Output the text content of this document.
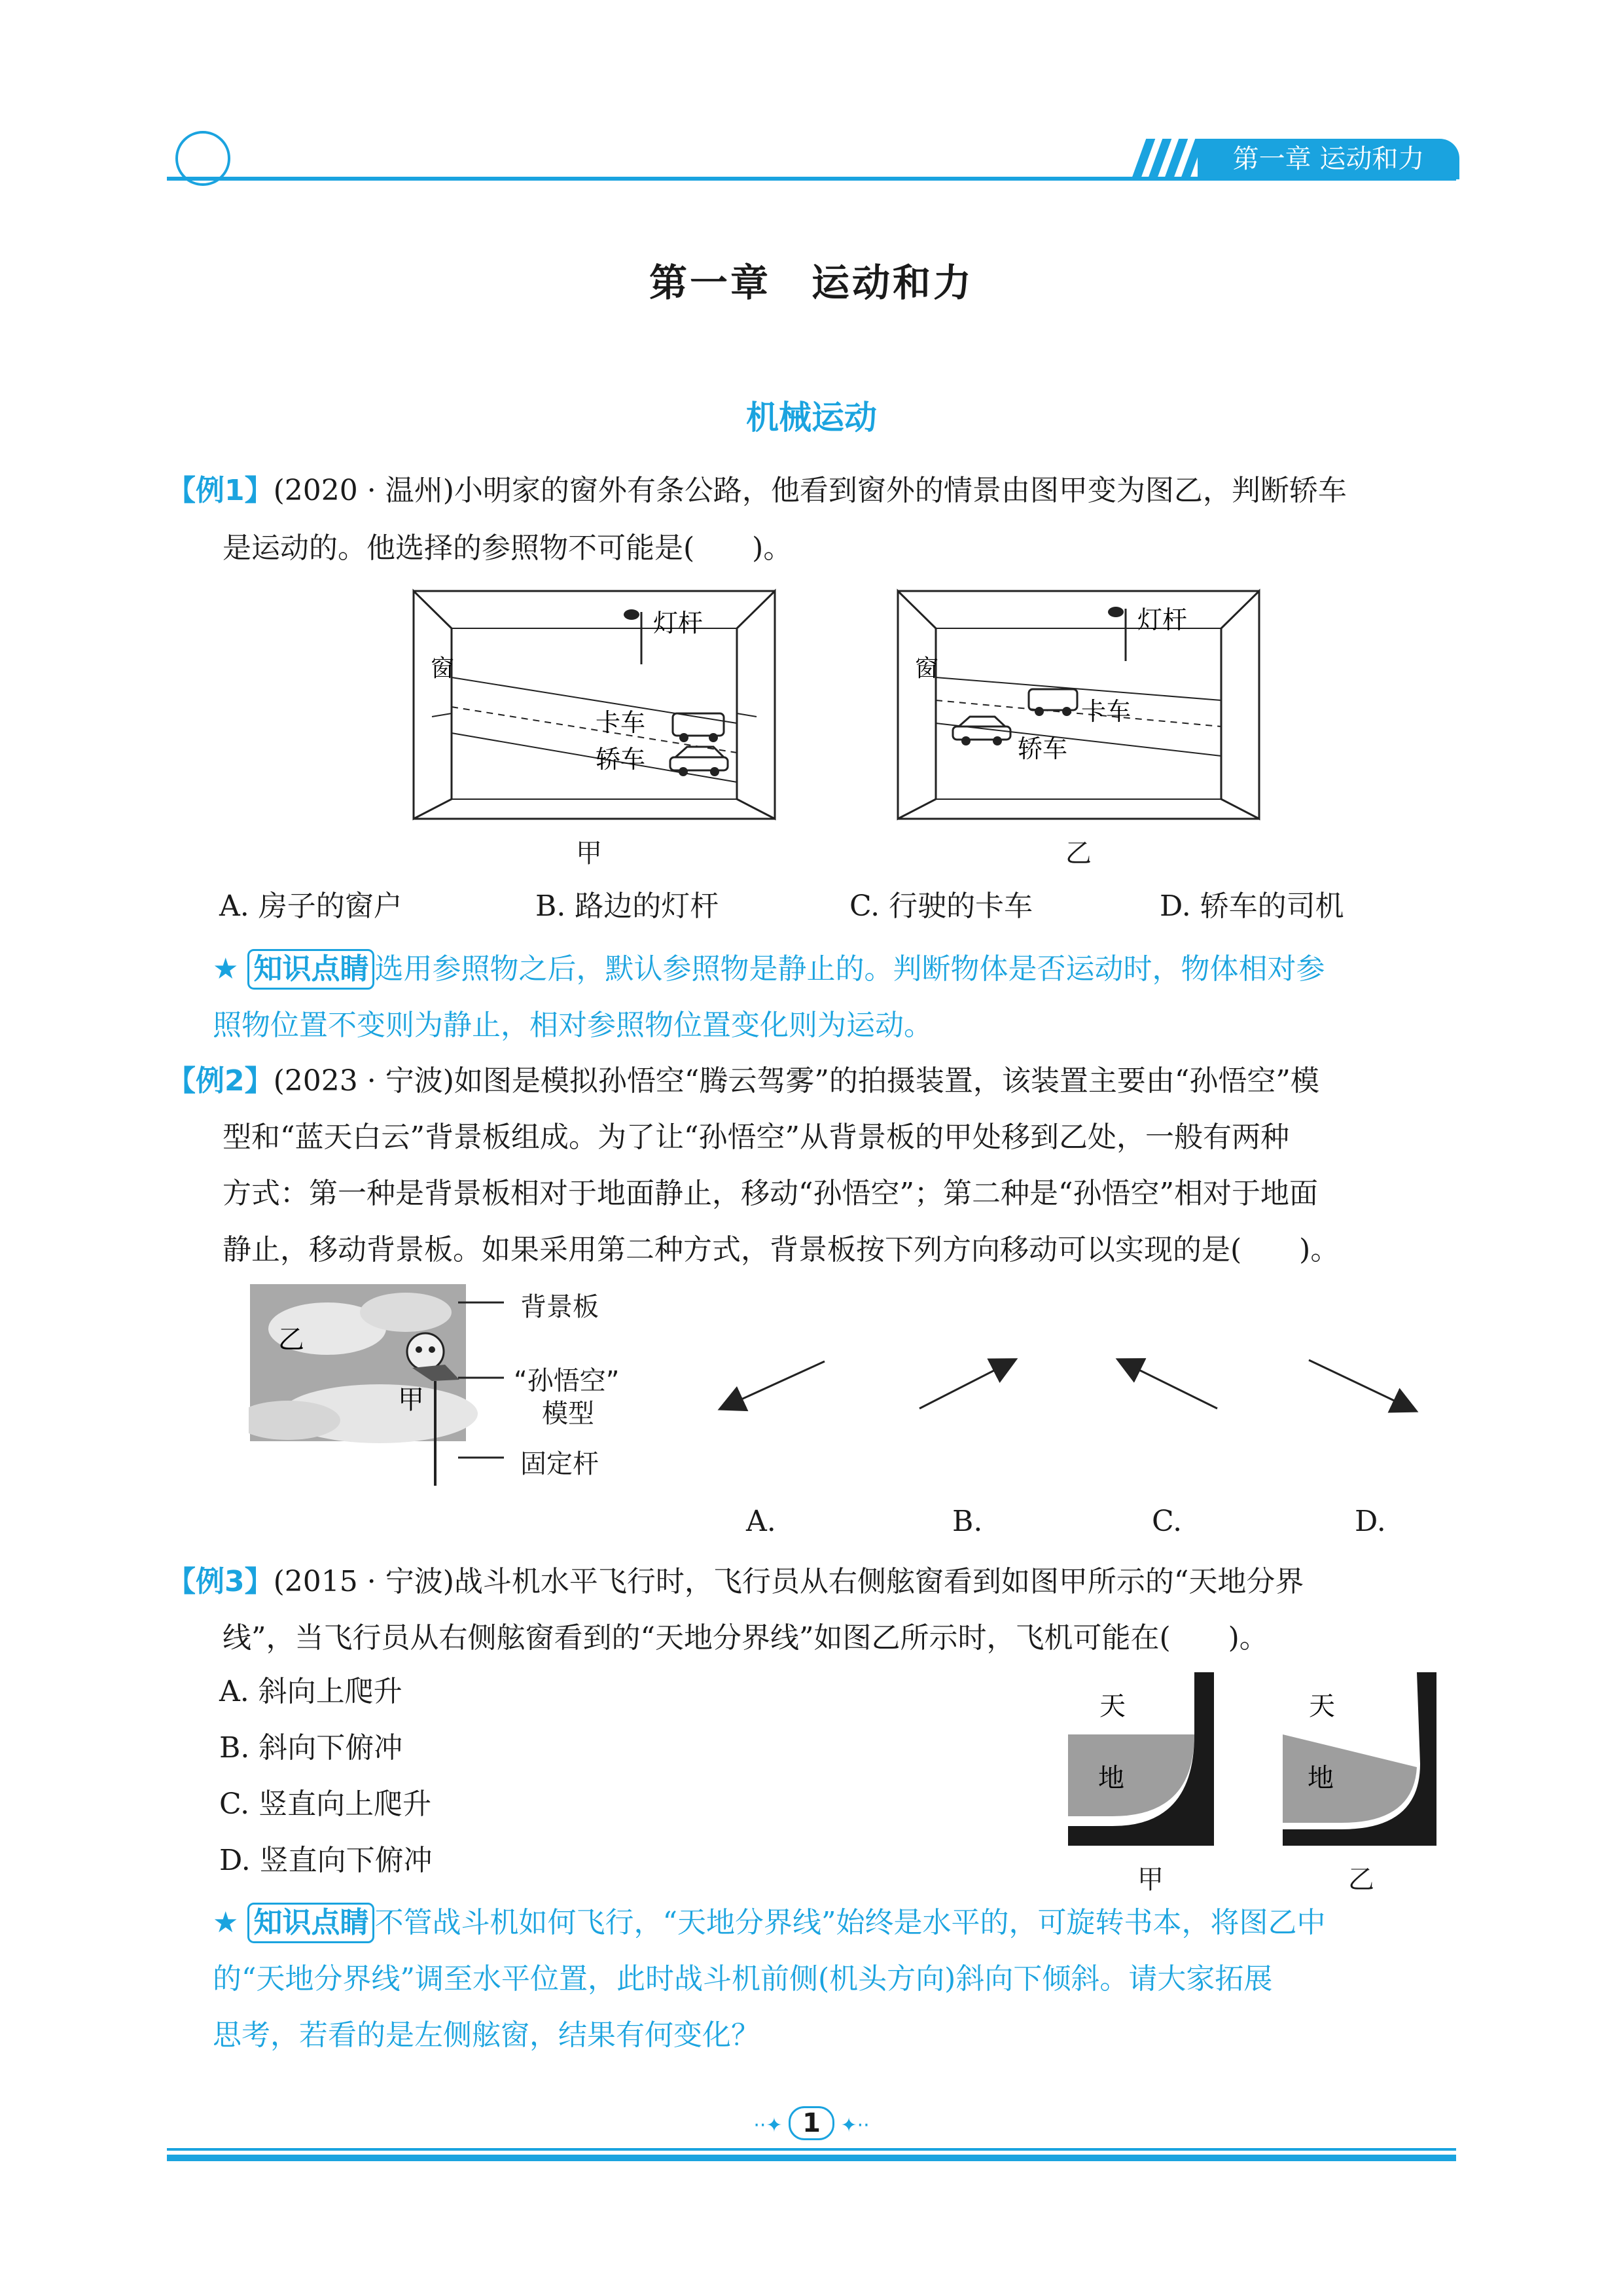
第一章 运动和力
第一章　运动和力
机械运动
【例1】(2020 · 温州)小明家的窗外有条公路，他看到窗外的情景由图甲变为图乙，判断轿车
是运动的。他选择的参照物不可能是(　　)。
灯杆
窗
卡车
轿车
甲
灯杆
窗
卡车
轿车
乙
A. 房子的窗户	B. 路边的灯杆	C. 行驶的卡车	D. 轿车的司机
★ 知识点睛 选用参照物之后，默认参照物是静止的。判断物体是否运动时，物体相对参
照物位置不变则为静止，相对参照物位置变化则为运动。
【例2】(2023 · 宁波)如图是模拟孙悟空“腾云驾雾”的拍摄装置，该装置主要由“孙悟空”模
型和“蓝天白云”背景板组成。为了让“孙悟空”从背景板的甲处移到乙处，一般有两种
方式：第一种是背景板相对于地面静止，移动“孙悟空”；第二种是“孙悟空”相对于地面
静止，移动背景板。如果采用第二种方式，背景板按下列方向移动可以实现的是(　　)。
乙
甲
背景板
“孙悟空”
模型
固定杆
A.	B.	C.	D.
【例3】(2015 · 宁波)战斗机水平飞行时，飞行员从右侧舷窗看到如图甲所示的“天地分界
线”，当飞行员从右侧舷窗看到的“天地分界线”如图乙所示时，飞机可能在(　　)。
A. 斜向上爬升
B. 斜向下俯冲
C. 竖直向上爬升
D. 竖直向下俯冲
天
地
天
地
甲	乙
★ 知识点睛 不管战斗机如何飞行，“天地分界线”始终是水平的，可旋转书本，将图乙中
的“天地分界线”调至水平位置，此时战斗机前侧(机头方向)斜向下倾斜。请大家拓展
思考，若看的是左侧舷窗，结果有何变化？
··✦ 1 ✦··
